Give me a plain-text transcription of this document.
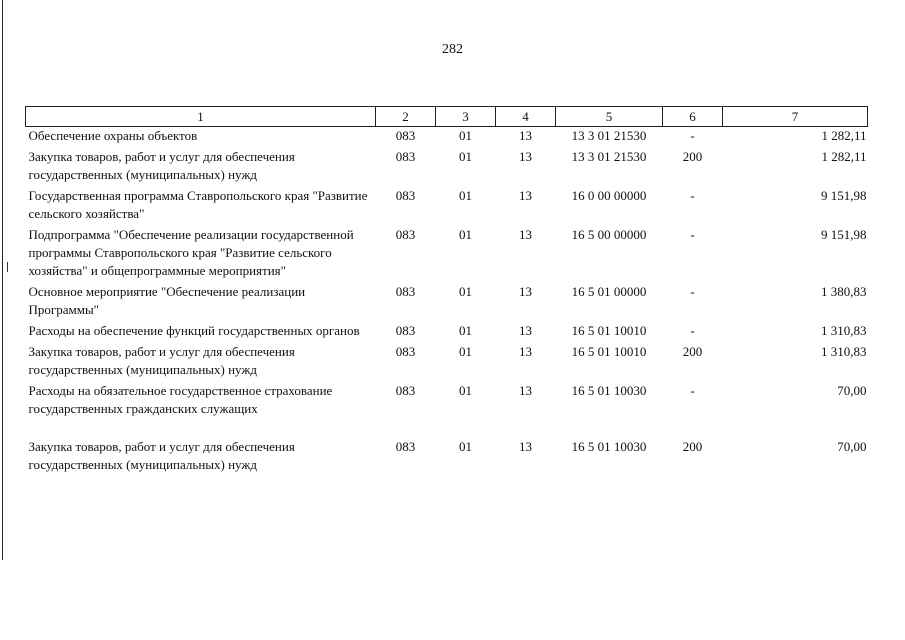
282
1	2	3	4	5	6	7
Обеспечение охраны объектов	083	01	13	13 3 01 21530	-	1 282,11
Закупка товаров, работ и услуг для обеспечения государственных (муниципальных) нужд	083	01	13	13 3 01 21530	200	1 282,11
Государственная программа Ставропольского края "Развитие сельского хозяйства"	083	01	13	16 0 00 00000	-	9 151,98
Подпрограмма "Обеспечение реализации государственной программы Ставропольского края "Развитие сельского хозяйства" и общепрограммные мероприятия"	083	01	13	16 5 00 00000	-	9 151,98
Основное мероприятие "Обеспечение реализации Программы"	083	01	13	16 5 01 00000	-	1 380,83
Расходы на обеспечение функций государственных органов	083	01	13	16 5 01 10010	-	1 310,83
Закупка товаров, работ и услуг для обеспечения государственных (муниципальных) нужд	083	01	13	16 5 01 10010	200	1 310,83
Расходы на обязательное государственное страхование государственных гражданских служащих	083	01	13	16 5 01 10030	-	70,00
Закупка товаров, работ и услуг для обеспечения государственных (муниципальных) нужд	083	01	13	16 5 01 10030	200	70,00
